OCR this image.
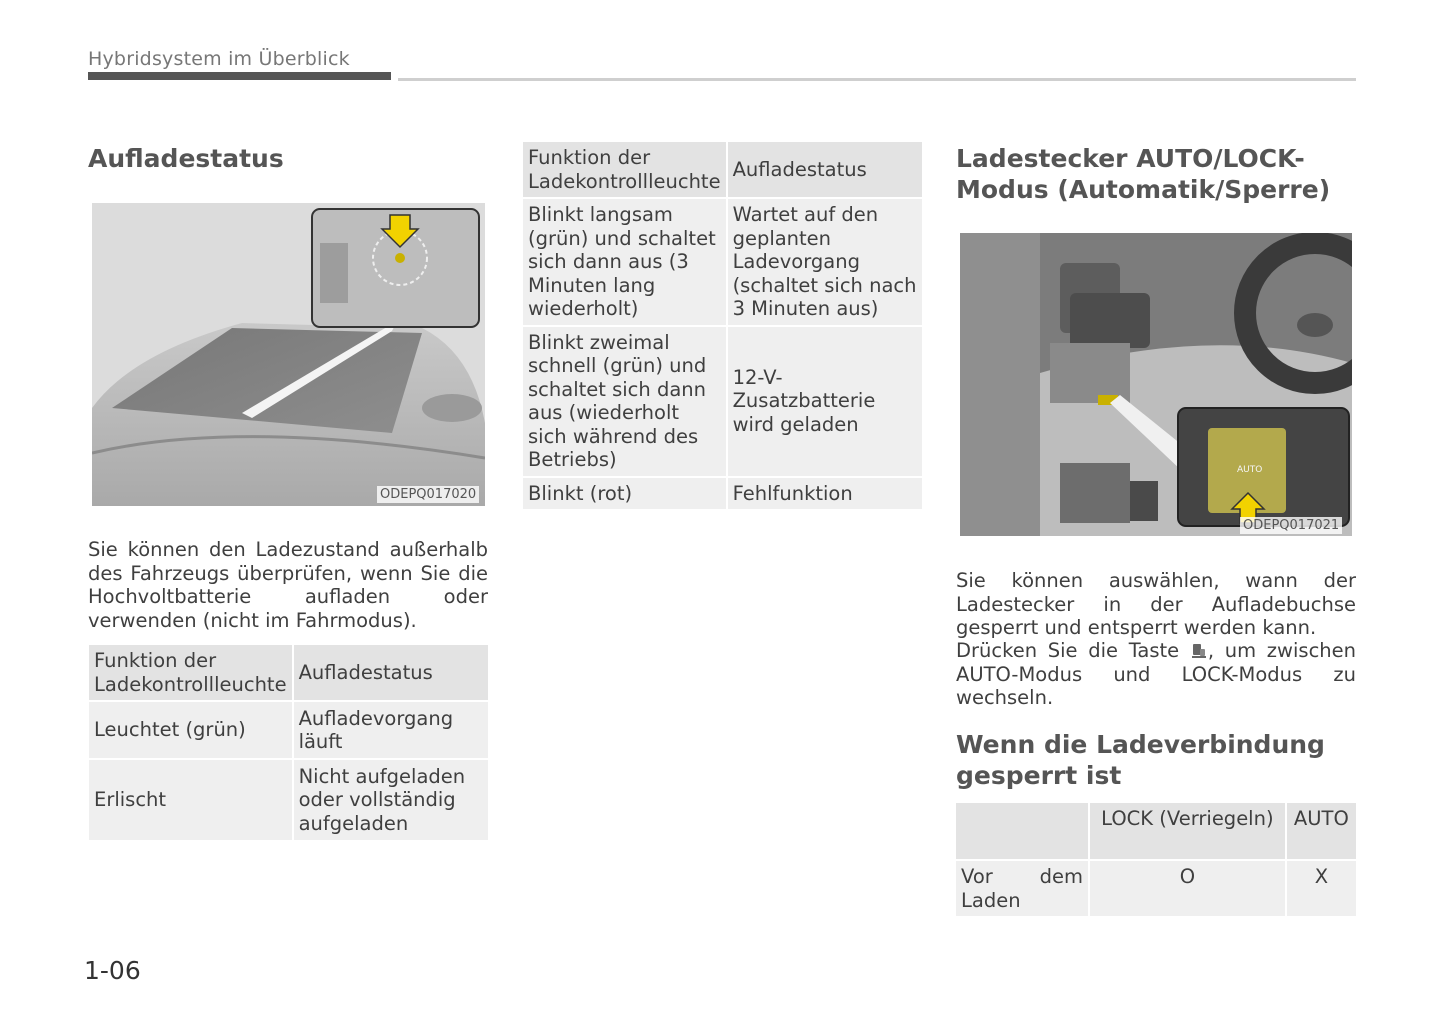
Hybridsystem im Überblick
Aufladestatus
ODEPQ017020
Sie können den Ladezustand außerhalb des Fahrzeugs überprüfen, wenn Sie die Hochvoltbatterie aufladen oder verwenden (nicht im Fahrmodus).
Funktion der Ladekontrollleuchte	Aufladestatus
Leuchtet (grün)	Aufladevorgang läuft
Erlischt	Nicht aufgeladen oder vollständig aufgeladen
Funktion der Ladekontrollleuchte	Aufladestatus
Blinkt langsam (grün) und schaltet sich dann aus (3 Minuten lang wiederholt)	Wartet auf den geplanten Ladevorgang (schaltet sich nach 3 Minuten aus)
Blinkt zweimal schnell (grün) und schaltet sich dann aus (wiederholt sich während des Betriebs)	12-V-Zusatzbatterie wird geladen
Blinkt (rot)	Fehlfunktion
Ladestecker AUTO/LOCK-Modus (Automatik/Sperre)
AUTO
ODEPQ017021
Sie können auswählen, wann der Ladestecker in der Aufladebuchse gesperrt und entsperrt werden kann.
Drücken Sie die Taste , um zwischen AUTO-Modus und LOCK-Modus zu wechseln.
Wenn die Ladeverbindung gesperrt ist
	LOCK (Verriegeln)	AUTO
Vor dem Laden	O	X
1-06
